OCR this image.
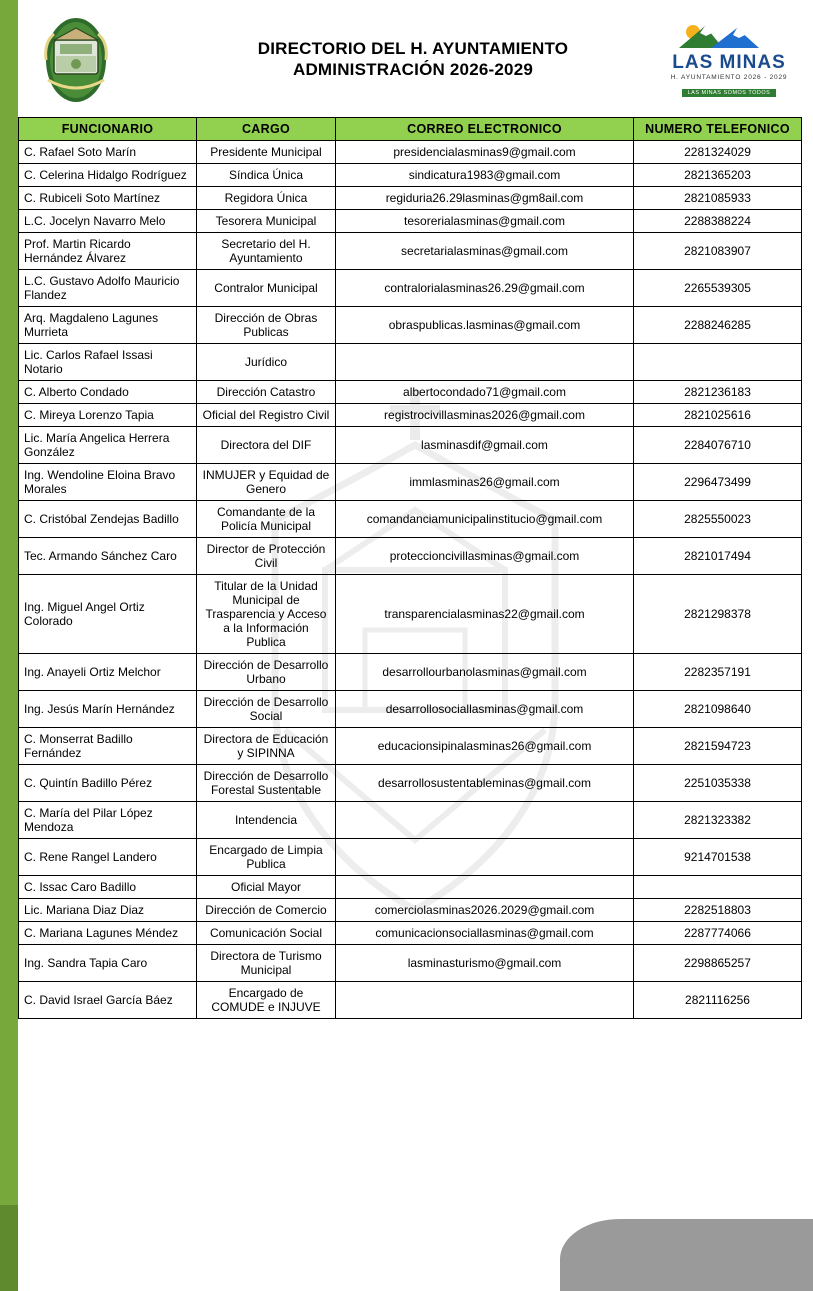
DIRECTORIO DEL H. AYUNTAMIENTO
ADMINISTRACIÓN 2026-2029	LAS MINAS
H. AYUNTAMIENTO 2026 - 2029
LAS MINAS SOMOS TODOS
FUNCIONARIO	CARGO	CORREO ELECTRONICO	NUMERO TELEFONICO
C. Rafael Soto Marín	Presidente Municipal	presidencialasminas9@gmail.com	2281324029
C. Celerina Hidalgo Rodríguez	Síndica Única	sindicatura1983@gmail.com	2821365203
C. Rubiceli Soto Martínez	Regidora Única	regiduria26.29lasminas@gm8ail.com	2821085933
L.C. Jocelyn Navarro Melo	Tesorera Municipal	tesorerialasminas@gmail.com	2288388224
Prof. Martin Ricardo Hernández Álvarez	Secretario del H. Ayuntamiento	secretarialasminas@gmail.com	2821083907
L.C. Gustavo Adolfo Mauricio Flandez	Contralor Municipal	contralorialasminas26.29@gmail.com	2265539305
Arq. Magdaleno Lagunes Murrieta	Dirección de Obras Publicas	obraspublicas.lasminas@gmail.com	2288246285
Lic. Carlos Rafael Issasi Notario	Jurídico		
C. Alberto Condado	Dirección Catastro	albertocondado71@gmail.com	2821236183
C. Mireya Lorenzo Tapia	Oficial del Registro Civil	registrocivillasminas2026@gmail.com	2821025616
Lic. María Angelica Herrera González	Directora del DIF	lasminasdif@gmail.com	2284076710
Ing. Wendoline Eloina Bravo Morales	INMUJER y Equidad de Genero	immlasminas26@gmail.com	2296473499
C. Cristóbal Zendejas Badillo	Comandante de la Policía Municipal	comandanciamunicipalinstitucio@gmail.com	2825550023
Tec. Armando Sánchez Caro	Director de Protección Civil	proteccioncivillasminas@gmail.com	2821017494
Ing. Miguel Angel Ortiz Colorado	Titular de la Unidad Municipal de Trasparencia y Acceso a la Información Publica	transparencialasminas22@gmail.com	2821298378
Ing. Anayeli Ortiz Melchor	Dirección de Desarrollo Urbano	desarrollourbanolasminas@gmail.com	2282357191
Ing. Jesús Marín Hernández	Dirección de Desarrollo Social	desarrollosociallasminas@gmail.com	2821098640
C. Monserrat Badillo Fernández	Directora de Educación y SIPINNA	educacionsipinalasminas26@gmail.com	2821594723
C. Quintín Badillo Pérez	Dirección de Desarrollo Forestal Sustentable	desarrollosustentableminas@gmail.com	2251035338
C. María del Pilar López Mendoza	Intendencia		2821323382
C. Rene Rangel Landero	Encargado de Limpia Publica		9214701538
C. Issac Caro Badillo	Oficial Mayor		
Lic. Mariana Diaz Diaz	Dirección de Comercio	comerciolasminas2026.2029@gmail.com	2282518803
C. Mariana Lagunes Méndez	Comunicación Social	comunicacionsociallasminas@gmail.com	2287774066
Ing. Sandra Tapia Caro	Directora de Turismo Municipal	lasminasturismo@gmail.com	2298865257
C. David Israel García Báez	Encargado de COMUDE e INJUVE		2821116256
